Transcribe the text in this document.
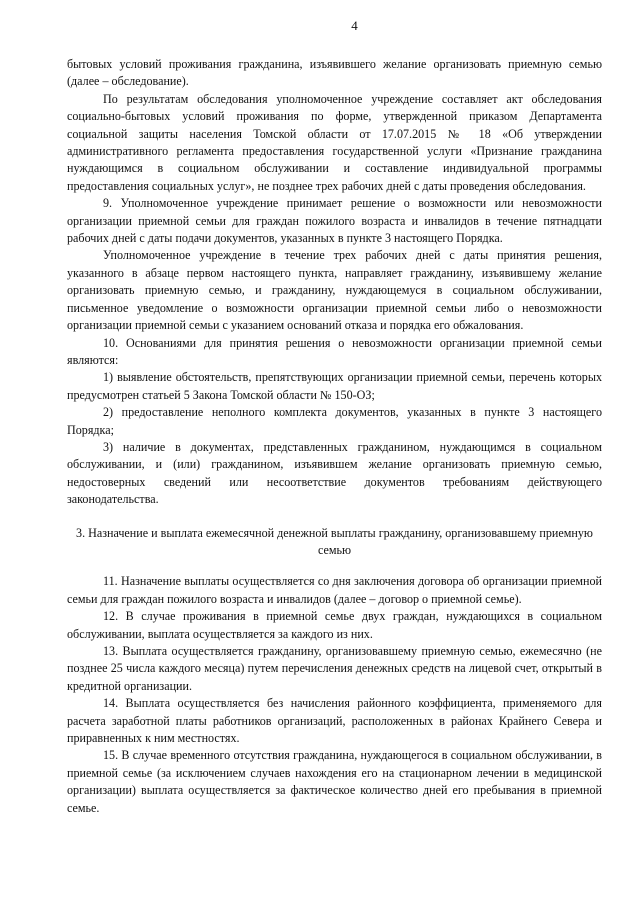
4

бытовых условий проживания гражданина, изъявившего желание организовать приемную семью (далее – обследование).

По результатам обследования уполномоченное учреждение составляет акт обследования социально-бытовых условий проживания по форме, утвержденной приказом Департамента социальной защиты населения Томской области от 17.07.2015 № 18 «Об утверждении административного регламента предоставления государственной услуги «Признание гражданина нуждающимся в социальном обслуживании и составление индивидуальной программы предоставления социальных услуг», не позднее трех рабочих дней с даты проведения обследования.

9. Уполномоченное учреждение принимает решение о возможности или невозможности организации приемной семьи для граждан пожилого возраста и инвалидов в течение пятнадцати рабочих дней с даты подачи документов, указанных в пункте 3 настоящего Порядка.

Уполномоченное учреждение в течение трех рабочих дней с даты принятия решения, указанного в абзаце первом настоящего пункта, направляет гражданину, изъявившему желание организовать приемную семью, и гражданину, нуждающемуся в социальном обслуживании, письменное уведомление о возможности организации приемной семьи либо о невозможности организации приемной семьи с указанием оснований отказа и порядка его обжалования.

10. Основаниями для принятия решения о невозможности организации приемной семьи являются:

1) выявление обстоятельств, препятствующих организации приемной семьи, перечень которых предусмотрен статьей 5 Закона Томской области № 150-ОЗ;

2) предоставление неполного комплекта документов, указанных в пункте 3 настоящего Порядка;

3) наличие в документах, представленных гражданином, нуждающимся в социальном обслуживании, и (или) гражданином, изъявившем желание организовать приемную семью, недостоверных сведений или несоответствие документов требованиям действующего законодательства.

3. Назначение и выплата ежемесячной денежной выплаты гражданину, организовавшему приемную семью

11. Назначение выплаты осуществляется со дня заключения договора об организации приемной семьи для граждан пожилого возраста и инвалидов (далее – договор о приемной семье).

12. В случае проживания в приемной семье двух граждан, нуждающихся в социальном обслуживании, выплата осуществляется за каждого из них.

13. Выплата осуществляется гражданину, организовавшему приемную семью, ежемесячно (не позднее 25 числа каждого месяца) путем перечисления денежных средств на лицевой счет, открытый в кредитной организации.

14. Выплата осуществляется без начисления районного коэффициента, применяемого для расчета заработной платы работников организаций, расположенных в районах Крайнего Севера и приравненных к ним местностях.

15. В случае временного отсутствия гражданина, нуждающегося в социальном обслуживании, в приемной семье (за исключением случаев нахождения его на стационарном лечении в медицинской организации) выплата осуществляется за фактическое количество дней его пребывания в приемной семье.
